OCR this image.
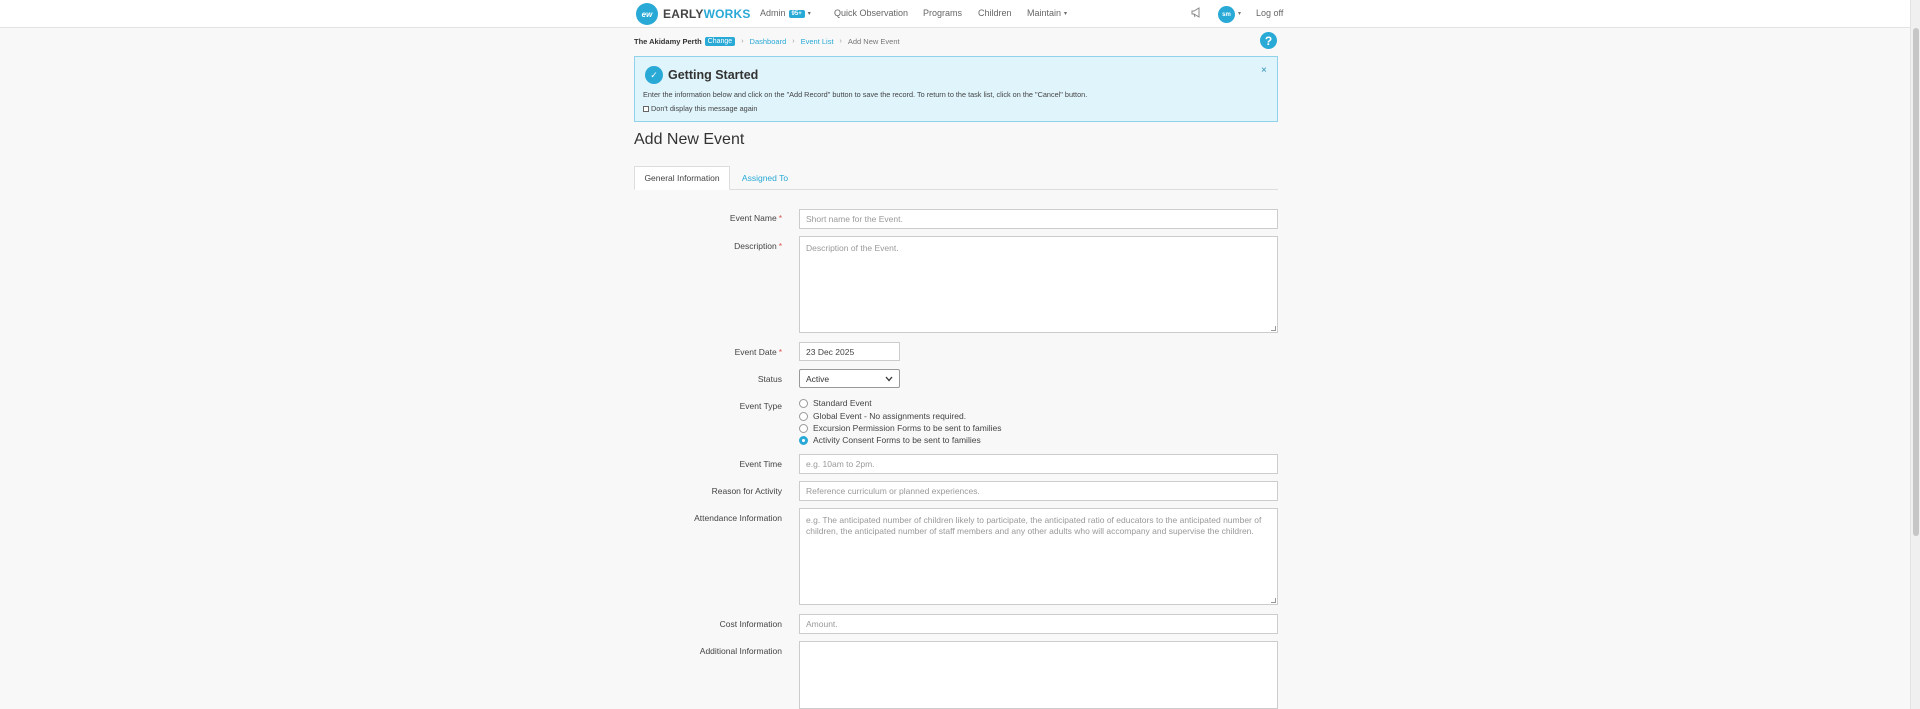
ew EARLYWORKS Admin 95+ ▾	Quick Observation Programs Children Maintain ▾	sm	▾ Log off
The Akidamy Perth Change	› Dashboard › Event List › Add New Event	?
✓ Getting Started	×
Enter the information below and click on the "Add Record" button to save the record. To return to the task list, click on the "Cancel" button.
Don't display this message again
Add New Event
General Information	Assigned To
Event Name *	Short name for the Event.
Description *	Description of the Event.
Event Date *	23 Dec 2025
Status	Active
Event Type	Standard Event
Global Event - No assignments required.
Excursion Permission Forms to be sent to families
Activity Consent Forms to be sent to families
Event Time	e.g. 10am to 2pm.
Reason for Activity	Reference curriculum or planned experiences.
Attendance Information	e.g. The anticipated number of children likely to participate, the anticipated ratio of educators to the anticipated number of children, the anticipated number of staff members and any other adults who will accompany and supervise the children.
Cost Information	Amount.
Additional Information
